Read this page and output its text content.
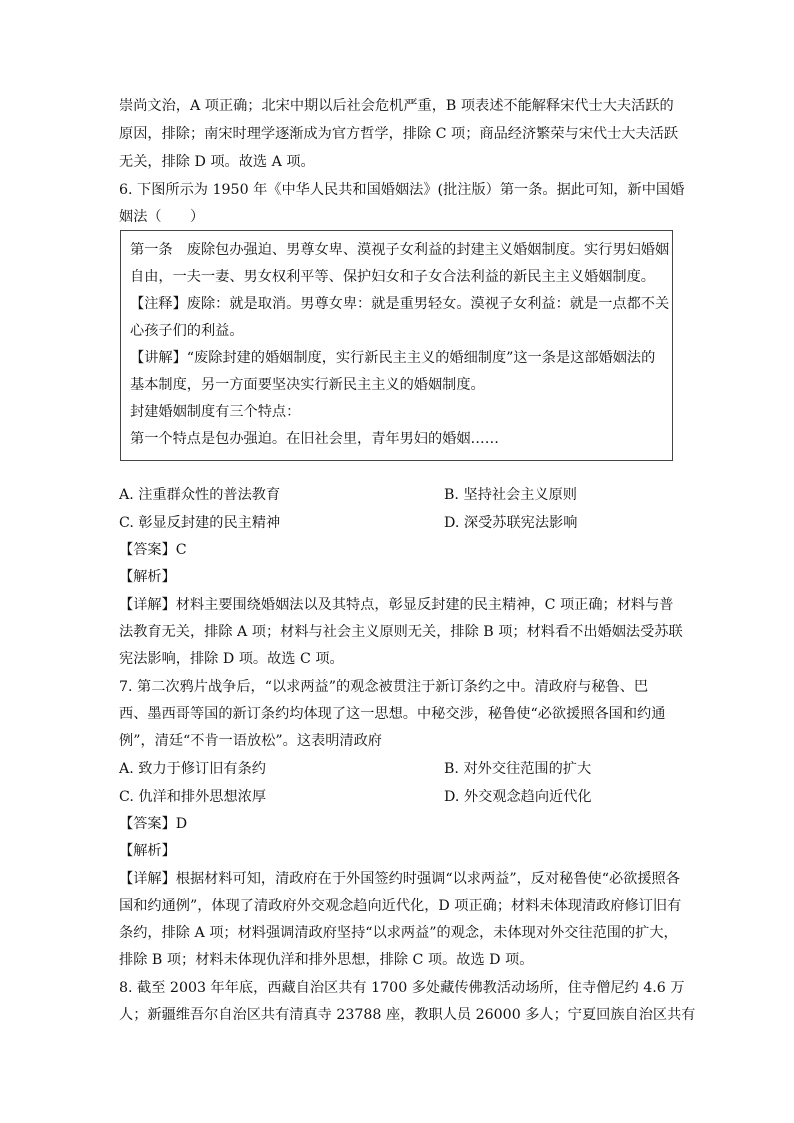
崇尚文治，A 项正确；北宋中期以后社会危机严重，B 项表述不能解释宋代士大夫活跃的
原因，排除；南宋时理学逐渐成为官方哲学，排除 C 项；商品经济繁荣与宋代士大夫活跃
无关，排除 D 项。故选 A 项。
6. 下图所示为 1950 年《中华人民共和国婚姻法》(批注版）第一条。据此可知，新中国婚
姻法（　　）
第一条　废除包办强迫、男尊女卑、漠视子女利益的封建主义婚姻制度。实行男妇婚姻
自由，一夫一妻、男女权利平等、保护妇女和子女合法利益的新民主主义婚姻制度。
【注释】废除：就是取消。男尊女卑：就是重男轻女。漠视子女利益：就是一点都不关
心孩子们的利益。
【讲解】“废除封建的婚姻制度，实行新民主主义的婚细制度”这一条是这部婚姻法的
基本制度，另一方面要坚决实行新民主主义的婚姻制度。
封建婚姻制度有三个特点：
第一个特点是包办强迫。在旧社会里，青年男妇的婚姻……
A. 注重群众性的普法教育	B. 坚持社会主义原则
C. 彰显反封建的民主精神	D. 深受苏联宪法影响
【答案】C
【解析】
【详解】材料主要围绕婚姻法以及其特点，彰显反封建的民主精神，C 项正确；材料与普
法教育无关，排除 A 项；材料与社会主义原则无关，排除 B 项；材料看不出婚姻法受苏联
宪法影响，排除 D 项。故选 C 项。
7. 第二次鸦片战争后，“以求两益”的观念被贯注于新订条约之中。清政府与秘鲁、巴
西、墨西哥等国的新订条约均体现了这一思想。中秘交涉，秘鲁使“必欲援照各国和约通
例”，清廷“不肯一语放松”。这表明清政府
A. 致力于修订旧有条约	B. 对外交往范围的扩大
C. 仇洋和排外思想浓厚	D. 外交观念趋向近代化
【答案】D
【解析】
【详解】根据材料可知，清政府在于外国签约时强调“以求两益”，反对秘鲁使“必欲援照各
国和约通例”，体现了清政府外交观念趋向近代化，D 项正确；材料未体现清政府修订旧有
条约，排除 A 项；材料强调清政府坚持“以求两益”的观念，未体现对外交往范围的扩大，
排除 B 项；材料未体现仇洋和排外思想，排除 C 项。故选 D 项。
8. 截至 2003 年年底，西藏自治区共有 1700 多处藏传佛教活动场所，住寺僧尼约 4.6 万
人；新疆维吾尔自治区共有清真寺 23788 座，教职人员 26000 多人；宁夏回族自治区共有
